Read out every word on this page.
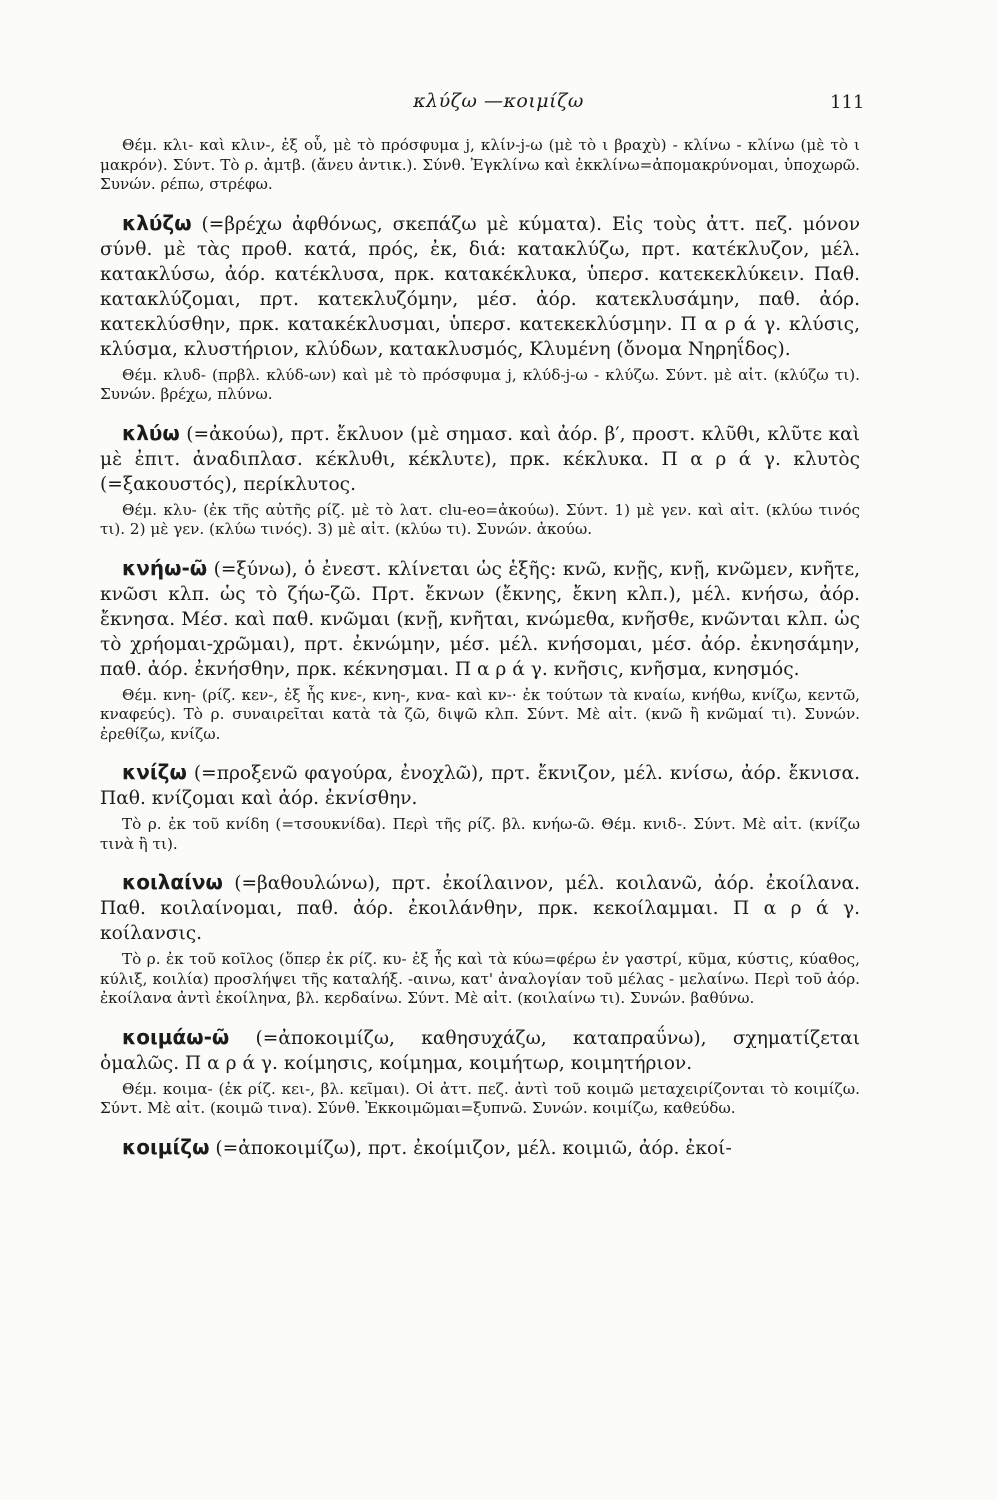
κλύζω —κοιμίζω	111

Θέμ. κλι- καὶ κλιν-, ἐξ οὗ, μὲ τὸ πρόσφυμα j, κλίν-j-ω (μὲ τὸ ι βραχὺ) - κλίνω - κλίνω (μὲ τὸ ι μακρόν). Σύντ. Τὸ ρ. ἀμτβ. (ἄνευ ἀντικ.). Σύνθ. Ἐγκλίνω καὶ ἐκκλίνω=ἀπομακρύνομαι, ὑποχωρῶ. Συνών. ρέπω, στρέφω.

κλύζω (=βρέχω ἀφθόνως, σκεπάζω μὲ κύματα). Εἰς τοὺς ἀττ. πεζ. μόνον σύνθ. μὲ τὰς προθ. κατά, πρός, ἐκ, διά: κατακλύζω, πρτ. κατέκλυζον, μέλ. κατακλύσω, ἀόρ. κατέκλυσα, πρκ. κατακέκλυκα, ὑπερσ. κατεκεκλύκειν. Παθ. κατακλύζομαι, πρτ. κατεκλυζόμην, μέσ. ἀόρ. κατεκλυσάμην, παθ. ἀόρ. κατεκλύσθην, πρκ. κατακέκλυσμαι, ὑπερσ. κατεκεκλύσμην. Π α ρ ά γ. κλύσις, κλύσμα, κλυστήριον, κλύδων, κατακλυσμός, Κλυμένη (ὄνομα Νηρηΐδος).

Θέμ. κλυδ- (πρβλ. κλύδ-ων) καὶ μὲ τὸ πρόσφυμα j, κλύδ-j-ω - κλύζω. Σύντ. μὲ αἰτ. (κλύζω τι). Συνών. βρέχω, πλύνω.

κλύω (=ἀκούω), πρτ. ἔκλυον (μὲ σημασ. καὶ ἀόρ. β′, προστ. κλῦθι, κλῦτε καὶ μὲ ἐπιτ. ἀναδιπλασ. κέκλυθι, κέκλυτε), πρκ. κέκλυκα. Π α ρ ά γ. κλυτὸς (=ξακουστός), περίκλυτος.

Θέμ. κλυ- (ἐκ τῆς αὐτῆς ρίζ. μὲ τὸ λατ. clu-eo=ἀκούω). Σύντ. 1) μὲ γεν. καὶ αἰτ. (κλύω τινός τι). 2) μὲ γεν. (κλύω τινός). 3) μὲ αἰτ. (κλύω τι). Συνών. ἀκούω.

κνήω-ῶ (=ξύνω), ὁ ἐνεστ. κλίνεται ὡς ἑξῆς: κνῶ, κνῇς, κνῇ, κνῶμεν, κνῆτε, κνῶσι κλπ. ὡς τὸ ζήω-ζῶ. Πρτ. ἔκνων (ἔκνης, ἔκνη κλπ.), μέλ. κνήσω, ἀόρ. ἔκνησα. Μέσ. καὶ παθ. κνῶμαι (κνῇ, κνῆται, κνώμεθα, κνῆσθε, κνῶνται κλπ. ὡς τὸ χρήομαι-χρῶμαι), πρτ. ἐκνώμην, μέσ. μέλ. κνήσομαι, μέσ. ἀόρ. ἐκνησάμην, παθ. ἀόρ. ἐκνήσθην, πρκ. κέκνησμαι. Π α ρ ά γ. κνῆσις, κνῆσμα, κνησμός.

Θέμ. κνη- (ρίζ. κεν-, ἐξ ἧς κνε-, κνη-, κνα- καὶ κν-· ἐκ τούτων τὰ κναίω, κνήθω, κνίζω, κεντῶ, κναφεύς). Τὸ ρ. συναιρεῖται κατὰ τὰ ζῶ, διψῶ κλπ. Σύντ. Μὲ αἰτ. (κνῶ ἢ κνῶμαί τι). Συνών. ἐρεθίζω, κνίζω.

κνίζω (=προξενῶ φαγούρα, ἐνοχλῶ), πρτ. ἔκνιζον, μέλ. κνίσω, ἀόρ. ἔκνισα. Παθ. κνίζομαι καὶ ἀόρ. ἐκνίσθην.

Τὸ ρ. ἐκ τοῦ κνίδη (=τσουκνίδα). Περὶ τῆς ρίζ. βλ. κνήω-ῶ. Θέμ. κνιδ-. Σύντ. Μὲ αἰτ. (κνίζω τινὰ ἢ τι).

κοιλαίνω (=βαθουλώνω), πρτ. ἐκοίλαινον, μέλ. κοιλανῶ, ἀόρ. ἐκοίλανα. Παθ. κοιλαίνομαι, παθ. ἀόρ. ἐκοιλάνθην, πρκ. κεκοίλαμμαι. Π α ρ ά γ. κοίλανσις.

Τὸ ρ. ἐκ τοῦ κοῖλος (ὅπερ ἐκ ρίζ. κυ- ἐξ ἧς καὶ τὰ κύω=φέρω ἐν γαστρί, κῦμα, κύστις, κύαθος, κύλιξ, κοιλία) προσλήψει τῆς καταλήξ. -αινω, κατ' ἀναλογίαν τοῦ μέλας - μελαίνω. Περὶ τοῦ ἀόρ. ἐκοίλανα ἀντὶ ἐκοίληνα, βλ. κερδαίνω. Σύντ. Μὲ αἰτ. (κοιλαίνω τι). Συνών. βαθύνω.

κοιμάω-ῶ (=ἀποκοιμίζω, καθησυχάζω, καταπραΰνω), σχηματίζεται ὁμαλῶς. Π α ρ ά γ. κοίμησις, κοίμημα, κοιμήτωρ, κοιμητήριον.

Θέμ. κοιμα- (ἐκ ρίζ. κει-, βλ. κεῖμαι). Οἱ ἀττ. πεζ. ἀντὶ τοῦ κοιμῶ μεταχειρίζονται τὸ κοιμίζω. Σύντ. Μὲ αἰτ. (κοιμῶ τινα). Σύνθ. Ἐκκοιμῶμαι=ξυπνῶ. Συνών. κοιμίζω, καθεύδω.

κοιμίζω (=ἀποκοιμίζω), πρτ. ἐκοίμιζον, μέλ. κοιμιῶ, ἀόρ. ἐκοί-
